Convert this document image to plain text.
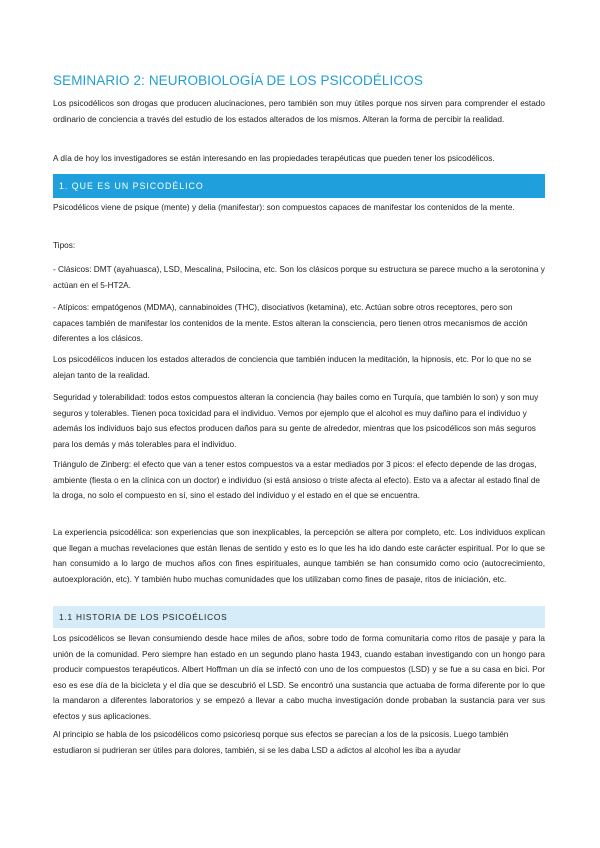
SEMINARIO 2: NEUROBIOLOGÍA DE LOS PSICODÉLICOS

Los psicodélicos son drogas que producen alucinaciones, pero también son muy útiles porque nos sirven para comprender el estado ordinario de conciencia a través del estudio de los estados alterados de los mismos. Alteran la forma de percibir la realidad.

A día de hoy los investigadores se están interesando en las propiedades terapéuticas que pueden tener los psicodélicos.

1. QUE ES UN PSICODÉLICO

Psicodélicos viene de psique (mente) y delia (manifestar): son compuestos capaces de manifestar los contenidos de la mente.

Tipos:

- Clásicos: DMT (ayahuasca), LSD, Mescalina, Psilocina, etc. Son los clásicos porque su estructura se parece mucho a la serotonina y actúan en el 5-HT2A.

- Atípicos: empatógenos (MDMA), cannabinoides (THC), disociativos (ketamina), etc. Actúan sobre otros receptores, pero son capaces también de manifestar los contenidos de la mente. Estos alteran la consciencia, pero tienen otros mecanismos de acción diferentes a los clásicos.

Los psicodélicos inducen los estados alterados de conciencia que también inducen la meditación, la hipnosis, etc. Por lo que no se alejan tanto de la realidad.

Seguridad y tolerabilidad: todos estos compuestos alteran la conciencia (hay bailes como en Turquía, que también lo son) y son muy seguros y tolerables. Tienen poca toxicidad para el individuo. Vemos por ejemplo que el alcohol es muy dañino para el individuo y además los individuos bajo sus efectos producen daños para su gente de alrededor, mientras que los psicodélicos son más seguros para los demás y más tolerables para el individuo.

Triángulo de Zinberg: el efecto que van a tener estos compuestos va a estar mediados por 3 picos: el efecto depende de las drogas, ambiente (fiesta o en la clínica con un doctor) e individuo (si está ansioso o triste afecta al efecto). Esto va a afectar al estado final de la droga, no solo el compuesto en sí, sino el estado del individuo y el estado en el que se encuentra.

La experiencia psicodélica: son experiencias que son inexplicables, la percepción se altera por completo, etc. Los individuos explican que llegan a muchas revelaciones que están llenas de sentido y esto es lo que les ha ido dando este carácter espiritual. Por lo que se han consumido a lo largo de muchos años con fines espirituales, aunque también se han consumido como ocio (autocrecimiento, autoexploración, etc). Y también hubo muchas comunidades que los utilizaban como fines de pasaje, ritos de iniciación, etc.

1.1 HISTORIA DE LOS PSICOÉLICOS

Los psicodélicos se llevan consumiendo desde hace miles de años, sobre todo de forma comunitaria como ritos de pasaje y para la unión de la comunidad. Pero siempre han estado en un segundo plano hasta 1943, cuando estaban investigando con un hongo para producir compuestos terapéuticos. Albert Hoffman un día se infectó con uno de los compuestos (LSD) y se fue a su casa en bici. Por eso es ese día de la bicicleta y el día que se descubrió el LSD. Se encontró una sustancia que actuaba de forma diferente por lo que la mandaron a diferentes laboratorios y se empezó a llevar a cabo mucha investigación donde probaban la sustancia para ver sus efectos y sus aplicaciones.

Al principio se habla de los psicodélicos como psicoriesq porque sus efectos se parecían a los de la psicosis. Luego también estudiaron si pudrieran ser útiles para dolores, también, si se les daba LSD a adictos al alcohol les iba a ayudar
